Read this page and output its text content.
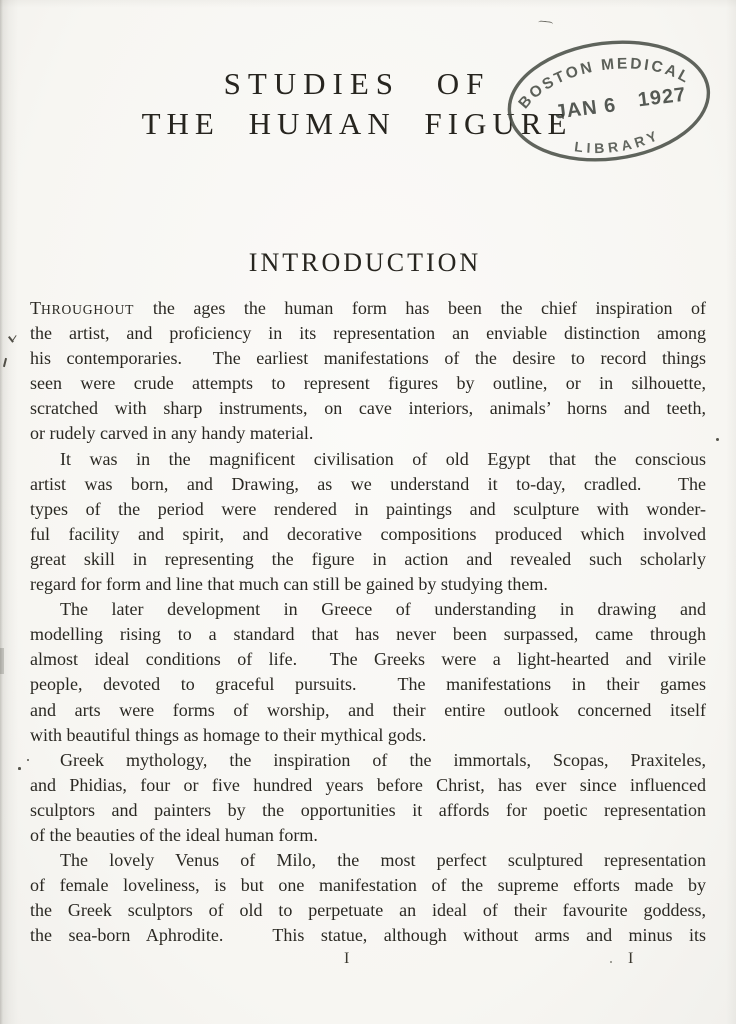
STUDIES OF
THE HUMAN FIGURE
BOSTON MEDICAL
JAN 6 1927
LIBRARY
INTRODUCTION
THROUGHOUT the ages the human form has been the chief inspiration of
the artist, and proficiency in its representation an enviable distinction among
his contemporaries.  The earliest manifestations of the desire to record things
seen were crude attempts to represent figures by outline, or in silhouette,
scratched with sharp instruments, on cave interiors, animals’ horns and teeth,
or rudely carved in any handy material.
It was in the magnificent civilisation of old Egypt that the conscious
artist was born, and Drawing, as we understand it to-day, cradled.  The
types of the period were rendered in paintings and sculpture with wonder-
ful facility and spirit, and decorative compositions produced which involved
great skill in representing the figure in action and revealed such scholarly
regard for form and line that much can still be gained by studying them.
The later development in Greece of understanding in drawing and
modelling rising to a standard that has never been surpassed, came through
almost ideal conditions of life.  The Greeks were a light-hearted and virile
people, devoted to graceful pursuits.  The manifestations in their games
and arts were forms of worship, and their entire outlook concerned itself
with beautiful things as homage to their mythical gods.
Greek mythology, the inspiration of the immortals, Scopas, Praxiteles,
and Phidias, four or five hundred years before Christ, has ever since influenced
sculptors and painters by the opportunities it affords for poetic representation
of the beauties of the ideal human form.
The lovely Venus of Milo, the most perfect sculptured representation
of female loveliness, is but one manifestation of the supreme efforts made by
the Greek sculptors of old to perpetuate an ideal of their favourite goddess,
the sea-born Aphrodite.   This statue, although without arms and minus its
I	I
